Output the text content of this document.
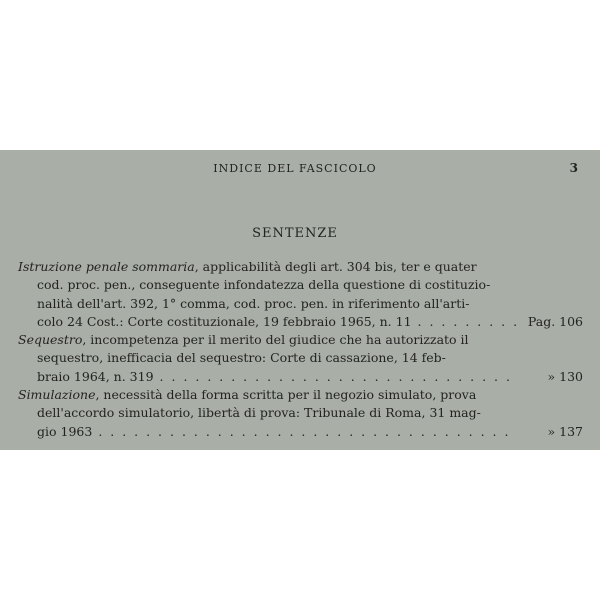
INDICE DEL FASCICOLO	3
SENTENZE
Istruzione penale sommaria, applicabilità degli art. 304 bis, ter e quater
cod. proc. pen., conseguente infondatezza della questione di costituzio-
nalità dell'art. 392, 1° comma, cod. proc. pen. in riferimento all'arti-
colo 24 Cost.: Corte costituzionale, 19 febbraio 1965, n. 11 . . .	Pag. 106
Sequestro, incompetenza per il merito del giudice che ha autorizzato il
sequestro, inefficacia del sequestro: Corte di cassazione, 14 feb-
braio 1964, n. 319 . . .	» 130
Simulazione, necessità della forma scritta per il negozio simulato, prova
dell'accordo simulatorio, libertà di prova: Tribunale di Roma, 31 mag-
gio 1963 . . .	» 137
